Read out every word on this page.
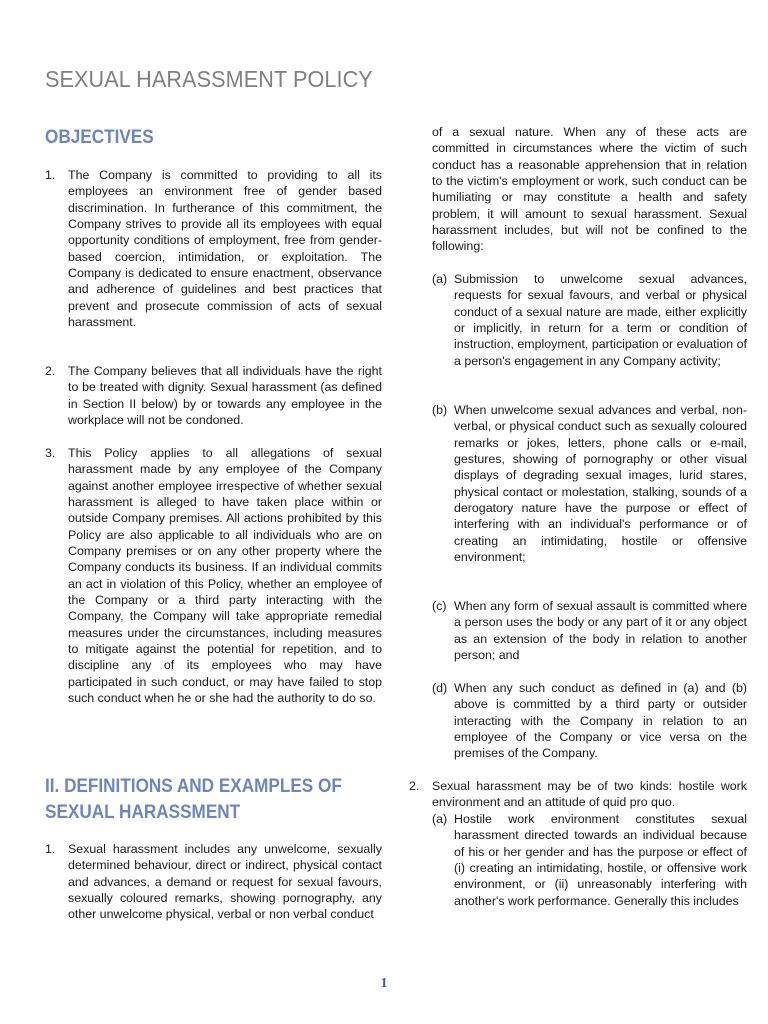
SEXUAL HARASSMENT POLICY
OBJECTIVES
1. The Company is committed to providing to all its employees an environment free of gender based discrimination. In furtherance of this commitment, the Company strives to provide all its employees with equal opportunity conditions of employment, free from gender-based coercion, intimidation, or exploitation. The Company is dedicated to ensure enactment, observance and adherence of guidelines and best practices that prevent and prosecute commission of acts of sexual harassment.
2. The Company believes that all individuals have the right to be treated with dignity. Sexual harassment (as defined in Section II below) by or towards any employee in the workplace will not be condoned.
3. This Policy applies to all allegations of sexual harassment made by any employee of the Company against another employee irrespective of whether sexual harassment is alleged to have taken place within or outside Company premises. All actions prohibited by this Policy are also applicable to all individuals who are on Company premises or on any other property where the Company conducts its business. If an individual commits an act in violation of this Policy, whether an employee of the Company or a third party interacting with the Company, the Company will take appropriate remedial measures under the circumstances, including measures to mitigate against the potential for repetition, and to discipline any of its employees who may have participated in such conduct, or may have failed to stop such conduct when he or she had the authority to do so.
II. DEFINITIONS AND EXAMPLES OF SEXUAL HARASSMENT
1. Sexual harassment includes any unwelcome, sexually determined behaviour, direct or indirect, physical contact and advances, a demand or request for sexual favours, sexually coloured remarks, showing pornography, any other unwelcome physical, verbal or non verbal conduct

of a sexual nature. When any of these acts are committed in circumstances where the victim of such conduct has a reasonable apprehension that in relation to the victim's employment or work, such conduct can be humiliating or may constitute a health and safety problem, it will amount to sexual harassment. Sexual harassment includes, but will not be confined to the following:

(a) Submission to unwelcome sexual advances, requests for sexual favours, and verbal or physical conduct of a sexual nature are made, either explicitly or implicitly, in return for a term or condition of instruction, employment, participation or evaluation of a person's engagement in any Company activity;
(b) When unwelcome sexual advances and verbal, non-verbal, or physical conduct such as sexually coloured remarks or jokes, letters, phone calls or e-mail, gestures, showing of pornography or other visual displays of degrading sexual images, lurid stares, physical contact or molestation, stalking, sounds of a derogatory nature have the purpose or effect of interfering with an individual's performance or of creating an intimidating, hostile or offensive environment;
(c) When any form of sexual assault is committed where a person uses the body or any part of it or any object as an extension of the body in relation to another person; and
(d) When any such conduct as defined in (a) and (b) above is committed by a third party or outsider interacting with the Company in relation to an employee of the Company or vice versa on the premises of the Company.
2. Sexual harassment may be of two kinds: hostile work environment and an attitude of quid pro quo.
(a) Hostile work environment constitutes sexual harassment directed towards an individual because of his or her gender and has the purpose or effect of (i) creating an intimidating, hostile, or offensive work environment, or (ii) unreasonably interfering with another's work performance. Generally this includes
1
